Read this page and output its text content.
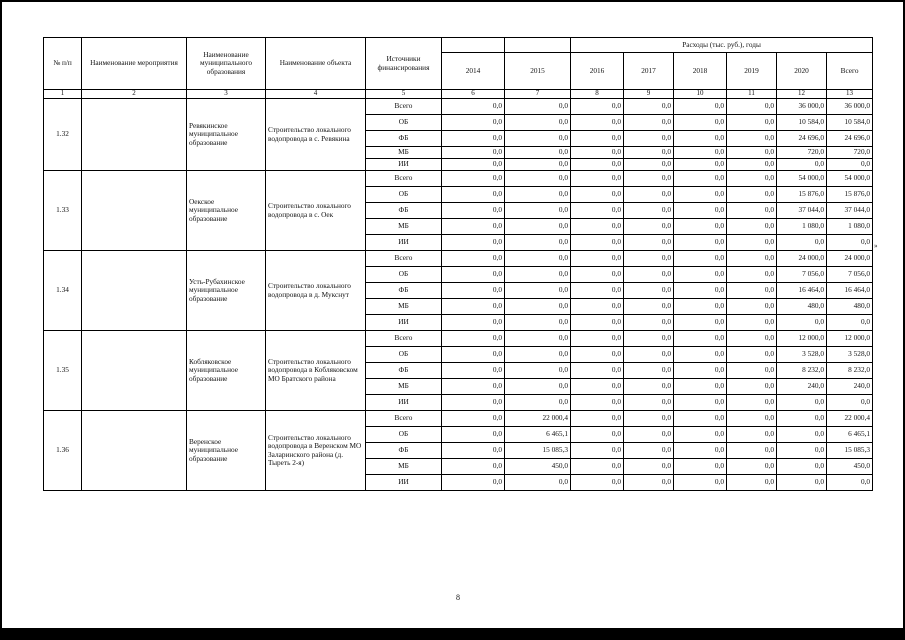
№ п/п	Наименование мероприятия	Наименование муниципального образования	Наименование объекта	Источники финансирования			Расходы (тыс. руб.), годы					
					2014	2015	2016	2017	2018	2019	2020	Всего
1	2	3	4	5	6	7	8	9	10	11	12	13
1.32		Ревякинское муниципальное образование	Строительство локального водопровода в с. Ревякина	Всего	0,0	0,0	0,0	0,0	0,0	0,0	36 000,0	36 000,0
				ОБ	0,0	0,0	0,0	0,0	0,0	0,0	10 584,0	10 584,0
				ФБ	0,0	0,0	0,0	0,0	0,0	0,0	24 696,0	24 696,0
				МБ	0,0	0,0	0,0	0,0	0,0	0,0	720,0	720,0
				ИИ	0,0	0,0	0,0	0,0	0,0	0,0	0,0	0,0
1.33		Оекское муниципальное образование	Строительство локального водопровода в с. Оек	Всего	0,0	0,0	0,0	0,0	0,0	0,0	54 000,0	54 000,0
				ОБ	0,0	0,0	0,0	0,0	0,0	0,0	15 876,0	15 876,0
				ФБ	0,0	0,0	0,0	0,0	0,0	0,0	37 044,0	37 044,0
				МБ	0,0	0,0	0,0	0,0	0,0	0,0	1 080,0	1 080,0
				ИИ	0,0	0,0	0,0	0,0	0,0	0,0	0,0	0,0
1.34		Усть-Рубахинское муниципальное образование	Строительство локального водопровода в д. Мукснут	Всего	0,0	0,0	0,0	0,0	0,0	0,0	24 000,0	24 000,0
				ОБ	0,0	0,0	0,0	0,0	0,0	0,0	7 056,0	7 056,0
				ФБ	0,0	0,0	0,0	0,0	0,0	0,0	16 464,0	16 464,0
				МБ	0,0	0,0	0,0	0,0	0,0	0,0	480,0	480,0
				ИИ	0,0	0,0	0,0	0,0	0,0	0,0	0,0	0,0
1.35		Кобляковское муниципальное образование	Строительство локального водопровода в Кобляковском МО Братского района	Всего	0,0	0,0	0,0	0,0	0,0	0,0	12 000,0	12 000,0
				ОБ	0,0	0,0	0,0	0,0	0,0	0,0	3 528,0	3 528,0
				ФБ	0,0	0,0	0,0	0,0	0,0	0,0	8 232,0	8 232,0
				МБ	0,0	0,0	0,0	0,0	0,0	0,0	240,0	240,0
				ИИ	0,0	0,0	0,0	0,0	0,0	0,0	0,0	0,0
1.36		Веренское муниципальное образование	Строительство локального водопровода в Веренском МО Заларинского района (д. Тыреть 2-я)	Всего	0,0	22 000,4	0,0	0,0	0,0	0,0	0,0	22 000,4
				ОБ	0,0	6 465,1	0,0	0,0	0,0	0,0	0,0	6 465,1
				ФБ	0,0	15 085,3	0,0	0,0	0,0	0,0	0,0	15 085,3
				МБ	0,0	450,0	0,0	0,0	0,0	0,0	0,0	450,0
				ИИ	0,0	0,0	0,0	0,0	0,0	0,0	0,0	0,0
»
8
